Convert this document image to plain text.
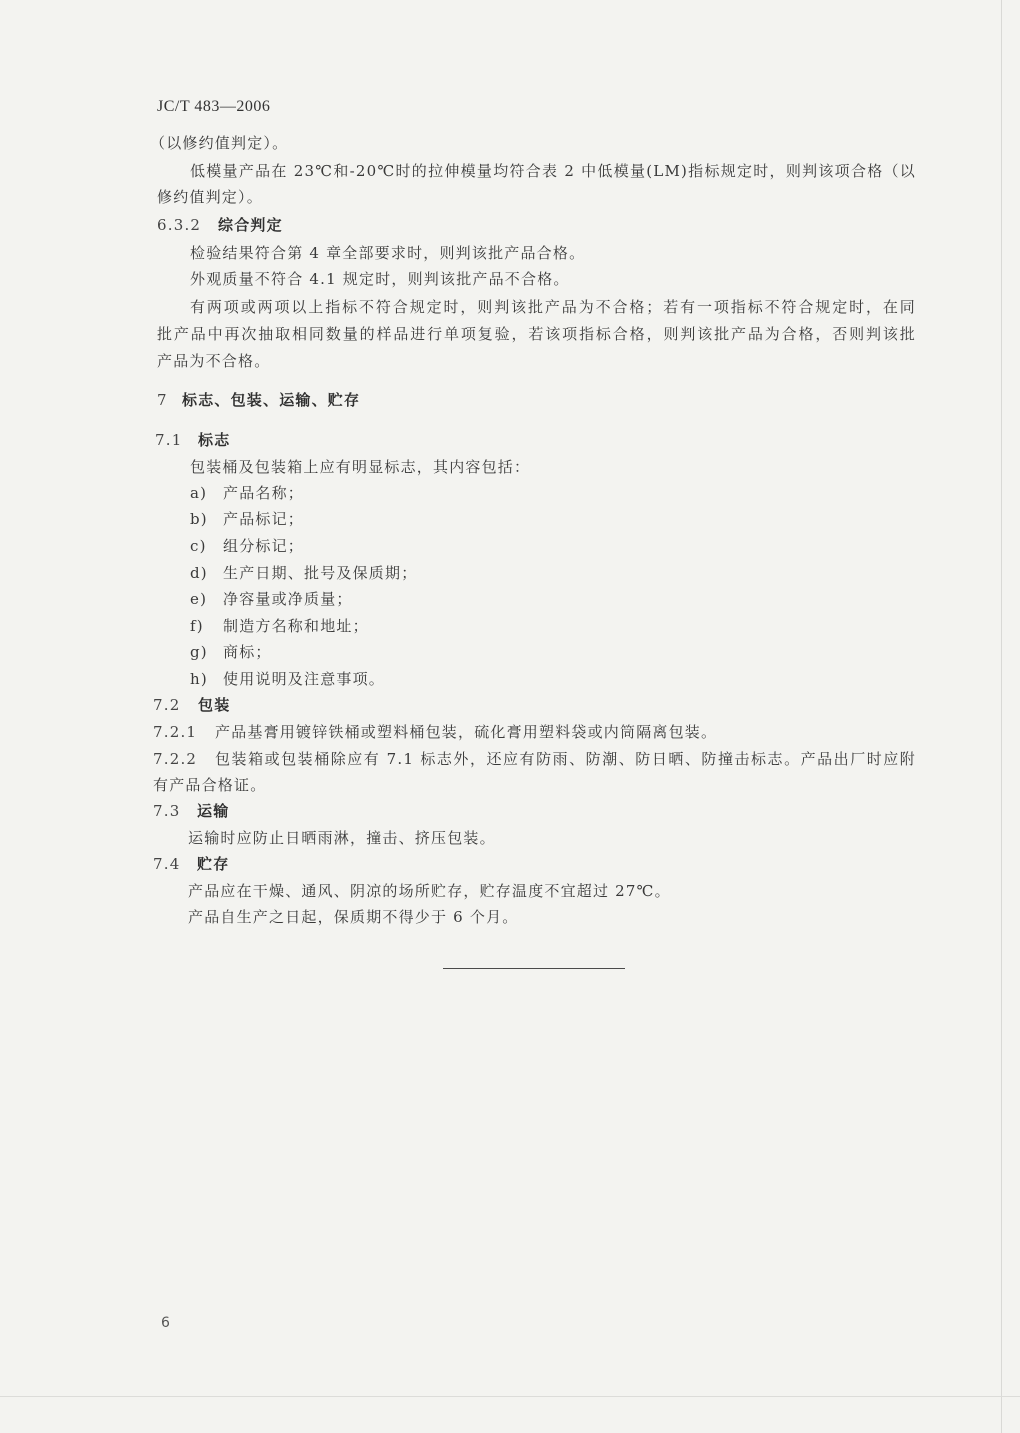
JC/T 483—2006
（以修约值判定）。
低模量产品在 23℃和-20℃时的拉伸模量均符合表 2 中低模量(LM)指标规定时，则判该项合格（以
修约值判定）。
6.3.2 综合判定
检验结果符合第 4 章全部要求时，则判该批产品合格。
外观质量不符合 4.1 规定时，则判该批产品不合格。
有两项或两项以上指标不符合规定时，则判该批产品为不合格；若有一项指标不符合规定时，在同
批产品中再次抽取相同数量的样品进行单项复验，若该项指标合格，则判该批产品为合格，否则判该批
产品为不合格。
7 标志、包装、运输、贮存
7.1 标志
包装桶及包装箱上应有明显标志，其内容包括：
a) 产品名称；
b) 产品标记；
c) 组分标记；
d) 生产日期、批号及保质期；
e) 净容量或净质量；
f) 制造方名称和地址；
g) 商标；
h) 使用说明及注意事项。
7.2 包装
7.2.1 产品基膏用镀锌铁桶或塑料桶包装，硫化膏用塑料袋或内筒隔离包装。
7.2.2 包装箱或包装桶除应有 7.1 标志外，还应有防雨、防潮、防日晒、防撞击标志。产品出厂时应附
有产品合格证。
7.3 运输
运输时应防止日晒雨淋，撞击、挤压包装。
7.4 贮存
产品应在干燥、通风、阴凉的场所贮存，贮存温度不宜超过 27℃。
产品自生产之日起，保质期不得少于 6 个月。
6
